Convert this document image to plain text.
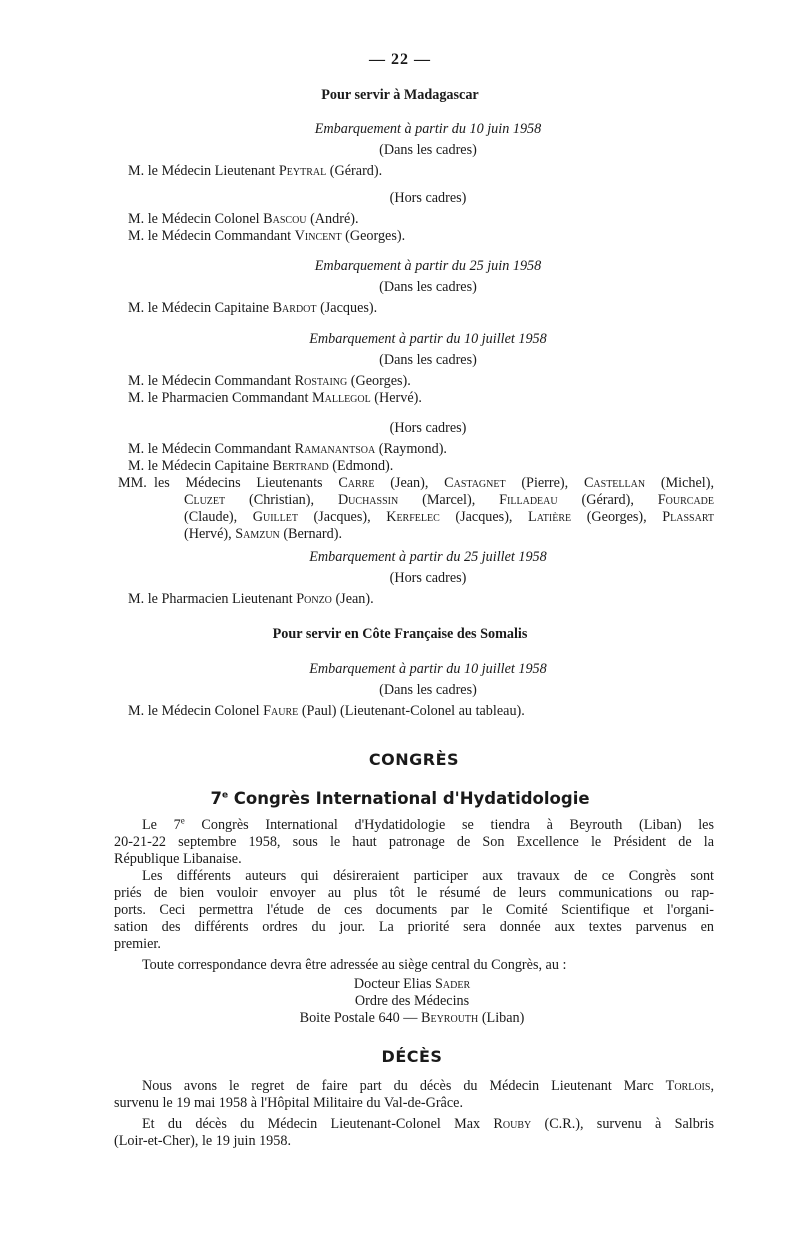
— 22 —
Pour servir à Madagascar
Embarquement à partir du 10 juin 1958
(Dans les cadres)
M. le Médecin Lieutenant Peytral (Gérard).
(Hors cadres)
M. le Médecin Colonel Bascou (André).
M. le Médecin Commandant Vincent (Georges).
Embarquement à partir du 25 juin 1958
(Dans les cadres)
M. le Médecin Capitaine Bardot (Jacques).
Embarquement à partir du 10 juillet 1958
(Dans les cadres)
M. le Médecin Commandant Rostaing (Georges).
M. le Pharmacien Commandant Mallegol (Hervé).
(Hors cadres)
M. le Médecin Commandant Ramanantsoa (Raymond).
M. le Médecin Capitaine Bertrand (Edmond).
MM. les Médecins Lieutenants Carre (Jean), Castagnet (Pierre), Castellan (Michel),
Cluzet (Christian), Duchassin (Marcel), Filladeau (Gérard), Fourcade
(Claude), Guillet (Jacques), Kerfelec (Jacques), Latière (Georges), Plassart
(Hervé), Samzun (Bernard).
Embarquement à partir du 25 juillet 1958
(Hors cadres)
M. le Pharmacien Lieutenant Ponzo (Jean).
Pour servir en Côte Française des Somalis
Embarquement à partir du 10 juillet 1958
(Dans les cadres)
M. le Médecin Colonel Faure (Paul) (Lieutenant-Colonel au tableau).
CONGRÈS
7e Congrès International d'Hydatidologie
Le 7e Congrès International d'Hydatidologie se tiendra à Beyrouth (Liban) les
20-21-22 septembre 1958, sous le haut patronage de Son Excellence le Président de la
République Libanaise.
Les différents auteurs qui désireraient participer aux travaux de ce Congrès sont
priés de bien vouloir envoyer au plus tôt le résumé de leurs communications ou rap-
ports. Ceci permettra l'étude de ces documents par le Comité Scientifique et l'organi-
sation des différents ordres du jour. La priorité sera donnée aux textes parvenus en
premier.
Toute correspondance devra être adressée au siège central du Congrès, au :
Docteur Elias Sader
Ordre des Médecins
Boite Postale 640 — Beyrouth (Liban)
DÉCÈS
Nous avons le regret de faire part du décès du Médecin Lieutenant Marc Torlois,
survenu le 19 mai 1958 à l'Hôpital Militaire du Val-de-Grâce.
Et du décès du Médecin Lieutenant-Colonel Max Rouby (C.R.), survenu à Salbris
(Loir-et-Cher), le 19 juin 1958.
